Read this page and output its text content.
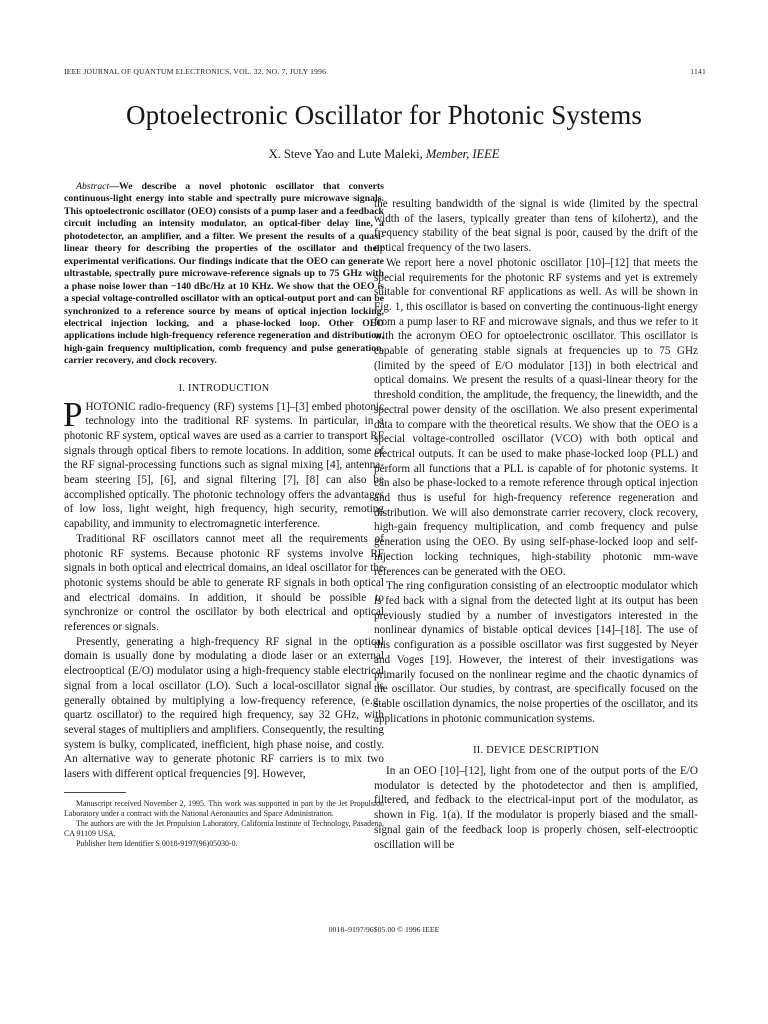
IEEE JOURNAL OF QUANTUM ELECTRONICS, VOL. 32, NO. 7, JULY 1996	1141
Optoelectronic Oscillator for Photonic Systems
X. Steve Yao and Lute Maleki, Member, IEEE

Abstract—We describe a novel photonic oscillator that converts continuous-light energy into stable and spectrally pure microwave signals. This optoelectronic oscillator (OEO) consists of a pump laser and a feedback circuit including an intensity modulator, an optical-fiber delay line, a photodetector, an amplifier, and a filter. We present the results of a quasi-linear theory for describing the properties of the oscillator and their experimental verifications. Our findings indicate that the OEO can generate ultrastable, spectrally pure microwave-reference signals up to 75 GHz with a phase noise lower than −140 dBc/Hz at 10 KHz. We show that the OEO is a special voltage-controlled oscillator with an optical-output port and can be synchronized to a reference source by means of optical injection locking, electrical injection locking, and a phase-locked loop. Other OEO applications include high-frequency reference regeneration and distribution, high-gain frequency multiplication, comb frequency and pulse generation, carrier recovery, and clock recovery.

I. INTRODUCTION

PHOTONIC radio-frequency (RF) systems [1]–[3] embed photonic technology into the traditional RF systems. In particular, in a photonic RF system, optical waves are used as a carrier to transport RF signals through optical fibers to remote locations. In addition, some of the RF signal-processing functions such as signal mixing [4], antenna-beam steering [5], [6], and signal filtering [7], [8] can also be accomplished optically. The photonic technology offers the advantages of low loss, light weight, high frequency, high security, remoting capability, and immunity to electromagnetic interference.

Traditional RF oscillators cannot meet all the requirements of photonic RF systems. Because photonic RF systems involve RF signals in both optical and electrical domains, an ideal oscillator for the photonic systems should be able to generate RF signals in both optical and electrical domains. In addition, it should be possible to synchronize or control the oscillator by both electrical and optical references or signals.

Presently, generating a high-frequency RF signal in the optical domain is usually done by modulating a diode laser or an external electrooptical (E/O) modulator using a high-frequency stable electrical signal from a local oscillator (LO). Such a local-oscillator signal is generally obtained by multiplying a low-frequency reference, (e.g., quartz oscillator) to the required high frequency, say 32 GHz, with several stages of multipliers and amplifiers. Consequently, the resulting system is bulky, complicated, inefficient, high phase noise, and costly. An alternative way to generate photonic RF carriers is to mix two lasers with different optical frequencies [9]. However,

Manuscript received November 2, 1995. This work was supported in part by the Jet Propulsion Laboratory under a contract with the National Aeronautics and Space Administration.

The authors are with the Jet Propulsion Laboratory, California Institute of Technology, Pasadena, CA 91109 USA.

Publisher Item Identifier S 0018-9197(96)05030-0.

the resulting bandwidth of the signal is wide (limited by the spectral width of the lasers, typically greater than tens of kilohertz), and the frequency stability of the beat signal is poor, caused by the drift of the optical frequency of the two lasers.

We report here a novel photonic oscillator [10]–[12] that meets the special requirements for the photonic RF systems and yet is extremely suitable for conventional RF applications as well. As will be shown in Fig. 1, this oscillator is based on converting the continuous-light energy from a pump laser to RF and microwave signals, and thus we refer to it with the acronym OEO for optoelectronic oscillator. This oscillator is capable of generating stable signals at frequencies up to 75 GHz (limited by the speed of E/O modulator [13]) in both electrical and optical domains. We present the results of a quasi-linear theory for the threshold condition, the amplitude, the frequency, the linewidth, and the spectral power density of the oscillation. We also present experimental data to compare with the theoretical results. We show that the OEO is a special voltage-controlled oscillator (VCO) with both optical and electrical outputs. It can be used to make phase-locked loop (PLL) and perform all functions that a PLL is capable of for photonic systems. It can also be phase-locked to a remote reference through optical injection and thus is useful for high-frequency reference regeneration and distribution. We will also demonstrate carrier recovery, clock recovery, high-gain frequency multiplication, and comb frequency and pulse generation using the OEO. By using self-phase-locked loop and self-injection locking techniques, high-stability photonic mm-wave references can be generated with the OEO.

The ring configuration consisting of an electrooptic modulator which is fed back with a signal from the detected light at its output has been previously studied by a number of investigators interested in the nonlinear dynamics of bistable optical devices [14]–[18]. The use of this configuration as a possible oscillator was first suggested by Neyer and Voges [19]. However, the interest of their investigations was primarily focused on the nonlinear regime and the chaotic dynamics of the oscillator. Our studies, by contrast, are specifically focused on the stable oscillation dynamics, the noise properties of the oscillator, and its applications in photonic communication systems.

II. DEVICE DESCRIPTION

In an OEO [10]–[12], light from one of the output ports of the E/O modulator is detected by the photodetector and then is amplified, filtered, and fedback to the electrical-input port of the modulator, as shown in Fig. 1(a). If the modulator is properly biased and the small-signal gain of the feedback loop is properly chosen, self-electrooptic oscillation will be

0018–9197/96$05.00 © 1996 IEEE
